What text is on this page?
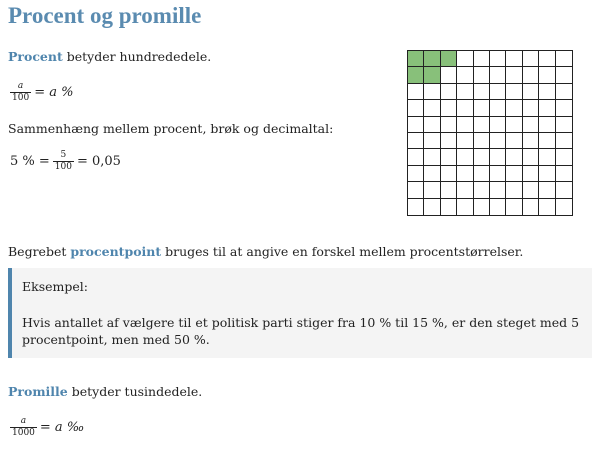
Procent og promille

Procent betyder hundrededele.

$\frac{a}{100} = a$ %

Sammenhæng mellem procent, brøk og decimaltal:

5 % = $\frac{5}{100} = 0,05$

Begrebet procentpoint bruges til at angive en forskel mellem procentstørrelser.

Eksempel:

Hvis antallet af vælgere til et politisk parti stiger fra 10 % til 15 %, er den steget med 5 procentpoint, men med 50 %.

Promille betyder tusindedele.

$\frac{a}{1000} = a$ ‰
